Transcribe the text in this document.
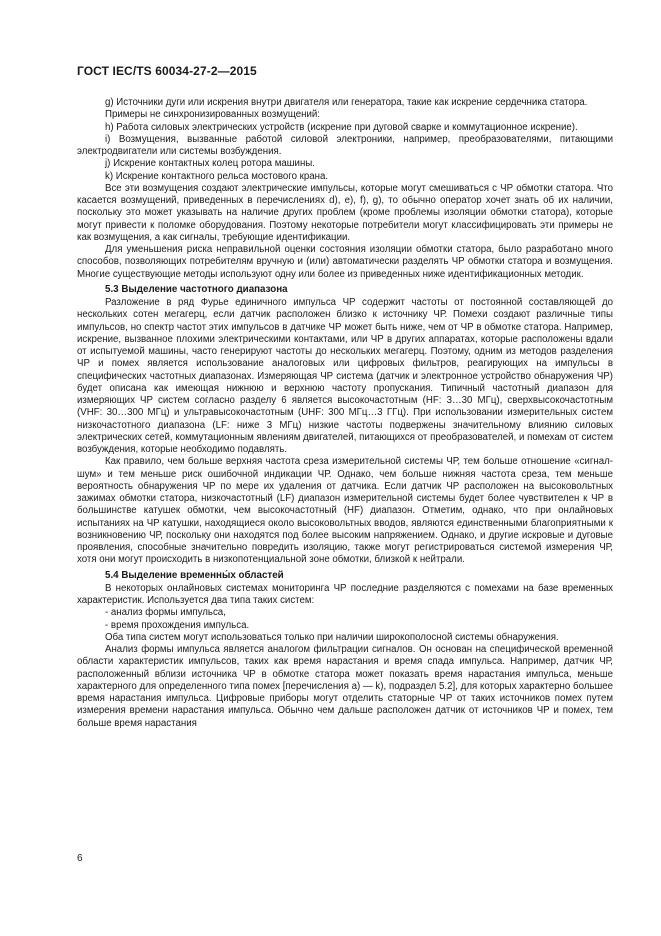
ГОСТ IEC/TS 60034-27-2—2015

g) Источники дуги или искрения внутри двигателя или генератора, такие как искрение сердечника статора.

Примеры не синхронизированных возмущений:

h) Работа силовых электрических устройств (искрение при дуговой сварке и коммутационное искрение).

i) Возмущения, вызванные работой силовой электроники, например, преобразователями, питающими электродвигатели или системы возбуждения.

j) Искрение контактных колец ротора машины.

k) Искрение контактного рельса мостового крана.

Все эти возмущения создают электрические импульсы, которые могут смешиваться с ЧР обмотки статора. Что касается возмущений, приведенных в перечислениях d), e), f), g), то обычно оператор хочет знать об их наличии, поскольку это может указывать на наличие других проблем (кроме проблемы изоляции обмотки статора), которые могут привести к поломке оборудования. Поэтому некоторые потребители могут классифицировать эти примеры не как возмущения, а как сигналы, требующие идентификации.

Для уменьшения риска неправильной оценки состояния изоляции обмотки статора, было разработано много способов, позволяющих потребителям вручную и (или) автоматически разделять ЧР обмотки статора и возмущения. Многие существующие методы используют одну или более из приведенных ниже идентификационных методик.

5.3 Выделение частотного диапазона

Разложение в ряд Фурье единичного импульса ЧР содержит частоты от постоянной составляющей до нескольких сотен мегагерц, если датчик расположен близко к источнику ЧР. Помехи создают различные типы импульсов, но спектр частот этих импульсов в датчике ЧР может быть ниже, чем от ЧР в обмотке статора. Например, искрение, вызванное плохими электрическими контактами, или ЧР в других аппаратах, которые расположены вдали от испытуемой машины, часто генерируют частоты до нескольких мегагерц. Поэтому, одним из методов разделения ЧР и помех является использование аналоговых или цифровых фильтров, реагирующих на импульсы в специфических частотных диапазонах. Измеряющая ЧР система (датчик и электронное устройство обнаружения ЧР) будет описана как имеющая нижнюю и верхнюю частоту пропускания. Типичный частотный диапазон для измеряющих ЧР систем согласно разделу 6 является высокочастотным (HF: 3…30 МГц), сверхвысокочастотным (VHF: 30…300 МГц) и ультравысокочастотным (UHF: 300 МГц…3 ГГц). При использовании измерительных систем низкочастотного диапазона (LF: ниже 3 МГц) низкие частоты подвержены значительному влиянию силовых электрических сетей, коммутационным явлениям двигателей, питающихся от преобразователей, и помехам от систем возбуждения, которые необходимо подавлять.

Как правило, чем больше верхняя частота среза измерительной системы ЧР, тем больше отношение «сигнал-шум» и тем меньше риск ошибочной индикации ЧР. Однако, чем больше нижняя частота среза, тем меньше вероятность обнаружения ЧР по мере их удаления от датчика. Если датчик ЧР расположен на высоковольтных зажимах обмотки статора, низкочастотный (LF) диапазон измерительной системы будет более чувствителен к ЧР в большинстве катушек обмотки, чем высокочастотный (HF) диапазон. Отметим, однако, что при онлайновых испытаниях на ЧР катушки, находящиеся около высоковольтных вводов, являются единственными благоприятными к возникновению ЧР, поскольку они находятся под более высоким напряжением. Однако, и другие искровые и дуговые проявления, способные значительно повредить изоляцию, также могут регистрироваться системой измерения ЧР, хотя они могут происходить в низкопотенциальной зоне обмотки, близкой к нейтрали.

5.4 Выделение временны́х областей

В некоторых онлайновых системах мониторинга ЧР последние разделяются с помехами на базе временных характеристик. Используется два типа таких систем:

- анализ формы импульса,

- время прохождения импульса.

Оба типа систем могут использоваться только при наличии широкополосной системы обнаружения.

Анализ формы импульса является аналогом фильтрации сигналов. Он основан на специфической временной области характеристик импульсов, таких как время нарастания и время спада импульса. Например, датчик ЧР, расположенный вблизи источника ЧР в обмотке статора может показать время нарастания импульса, меньше характерного для определенного типа помех [перечисления a) — k), подраздел 5.2], для которых характерно большее время нарастания импульса. Цифровые приборы могут отделить статорные ЧР от таких источников помех путем измерения времени нарастания импульса. Обычно чем дальше расположен датчик от источников ЧР и помех, тем больше время нарастания

6
